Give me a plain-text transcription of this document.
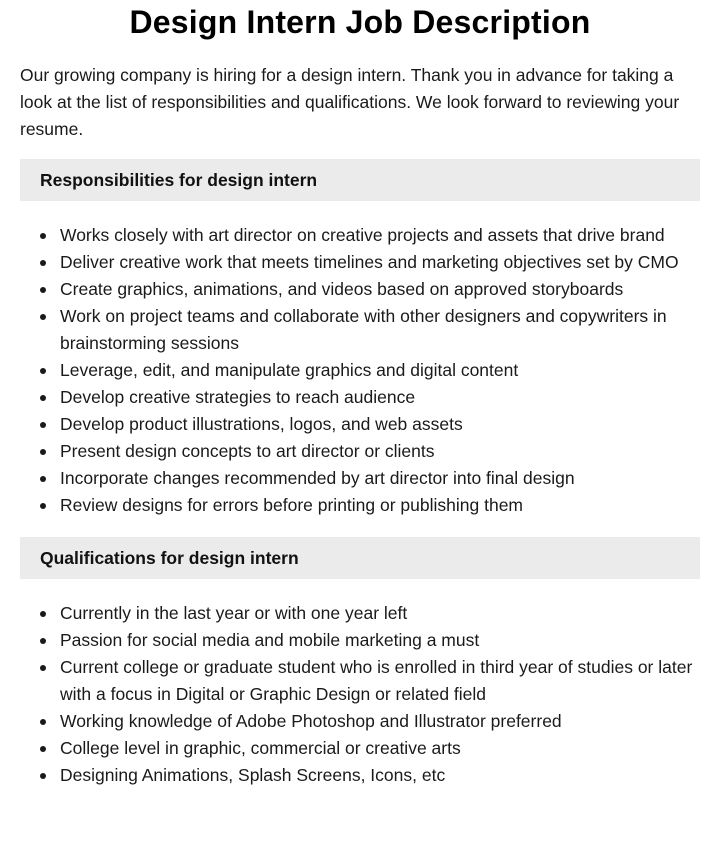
Design Intern Job Description

Our growing company is hiring for a design intern. Thank you in advance for taking a look at the list of responsibilities and qualifications. We look forward to reviewing your resume.

Responsibilities for design intern
Works closely with art director on creative projects and assets that drive brand
Deliver creative work that meets timelines and marketing objectives set by CMO
Create graphics, animations, and videos based on approved storyboards
Work on project teams and collaborate with other designers and copywriters in brainstorming sessions
Leverage, edit, and manipulate graphics and digital content
Develop creative strategies to reach audience
Develop product illustrations, logos, and web assets
Present design concepts to art director or clients
Incorporate changes recommended by art director into final design
Review designs for errors before printing or publishing them
Qualifications for design intern
Currently in the last year or with one year left
Passion for social media and mobile marketing a must
Current college or graduate student who is enrolled in third year of studies or later with a focus in Digital or Graphic Design or related field
Working knowledge of Adobe Photoshop and Illustrator preferred
College level in graphic, commercial or creative arts
Designing Animations, Splash Screens, Icons, etc
